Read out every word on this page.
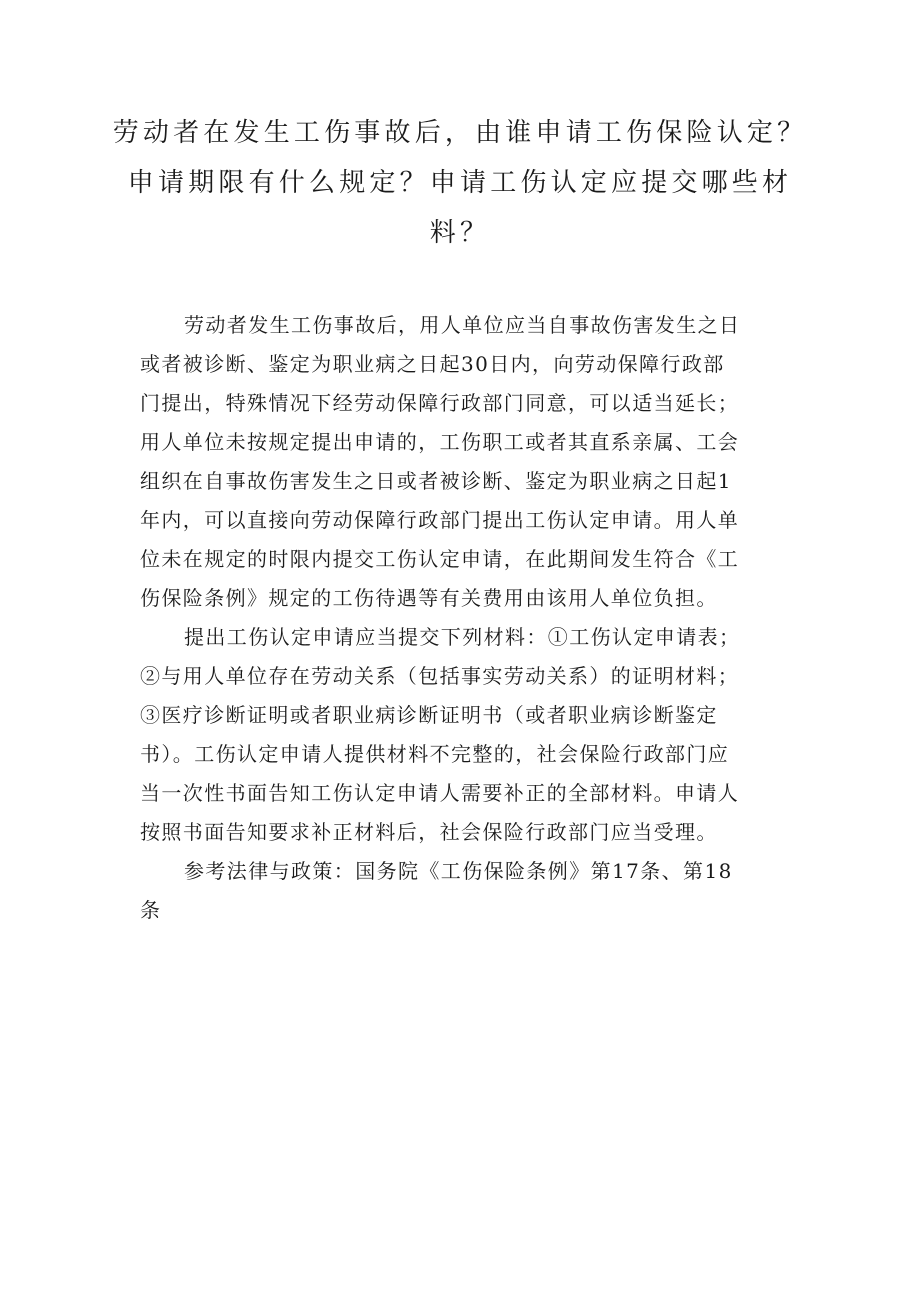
劳动者在发生工伤事故后，由谁申请工伤保险认定？
申请期限有什么规定？申请工伤认定应提交哪些材
料？
劳动者发生工伤事故后，用人单位应当自事故伤害发生之日
或者被诊断、鉴定为职业病之日起30日内，向劳动保障行政部
门提出，特殊情况下经劳动保障行政部门同意，可以适当延长；
用人单位未按规定提出申请的，工伤职工或者其直系亲属、工会
组织在自事故伤害发生之日或者被诊断、鉴定为职业病之日起1
年内，可以直接向劳动保障行政部门提出工伤认定申请。用人单
位未在规定的时限内提交工伤认定申请，在此期间发生符合《工
伤保险条例》规定的工伤待遇等有关费用由该用人单位负担。
提出工伤认定申请应当提交下列材料：①工伤认定申请表；
②与用人单位存在劳动关系（包括事实劳动关系）的证明材料；
③医疗诊断证明或者职业病诊断证明书（或者职业病诊断鉴定
书）。工伤认定申请人提供材料不完整的，社会保险行政部门应
当一次性书面告知工伤认定申请人需要补正的全部材料。申请人
按照书面告知要求补正材料后，社会保险行政部门应当受理。
参考法律与政策：国务院《工伤保险条例》第17条、第18
条
